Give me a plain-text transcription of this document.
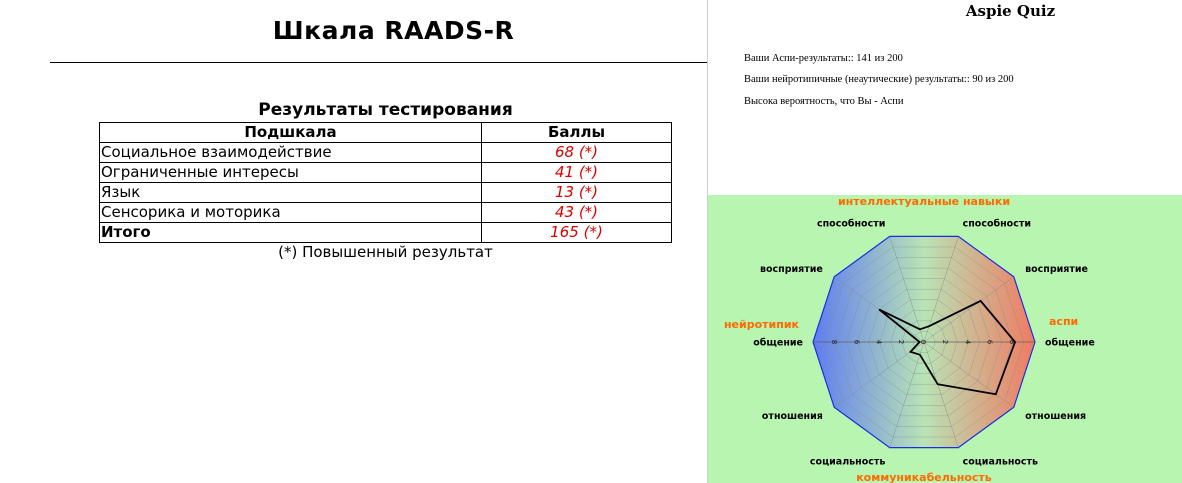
Шкала RAADS-R
Результаты тестирования
Подшкала	Баллы
Социальное взаимодействие	68 (*)
Ограниченные интересы	41 (*)
Язык	13 (*)
Сенсорика и моторика	43 (*)
Итого	165 (*)
(*) Повышенный результат
Aspie Quiz
Ваши Аспи-результаты:: 141 из 200
Ваши нейротипичные (неаутические) результаты:: 90 из 200
Высока вероятность, что Вы - Аспи
8 6 4 2 0 2 4 6 8	общение
восприятие
способности
способности
восприятие
общение
отношения
социальность	социальность
отношения
интеллектуальные навыки
коммуникабельность
нейротипик	аспи
